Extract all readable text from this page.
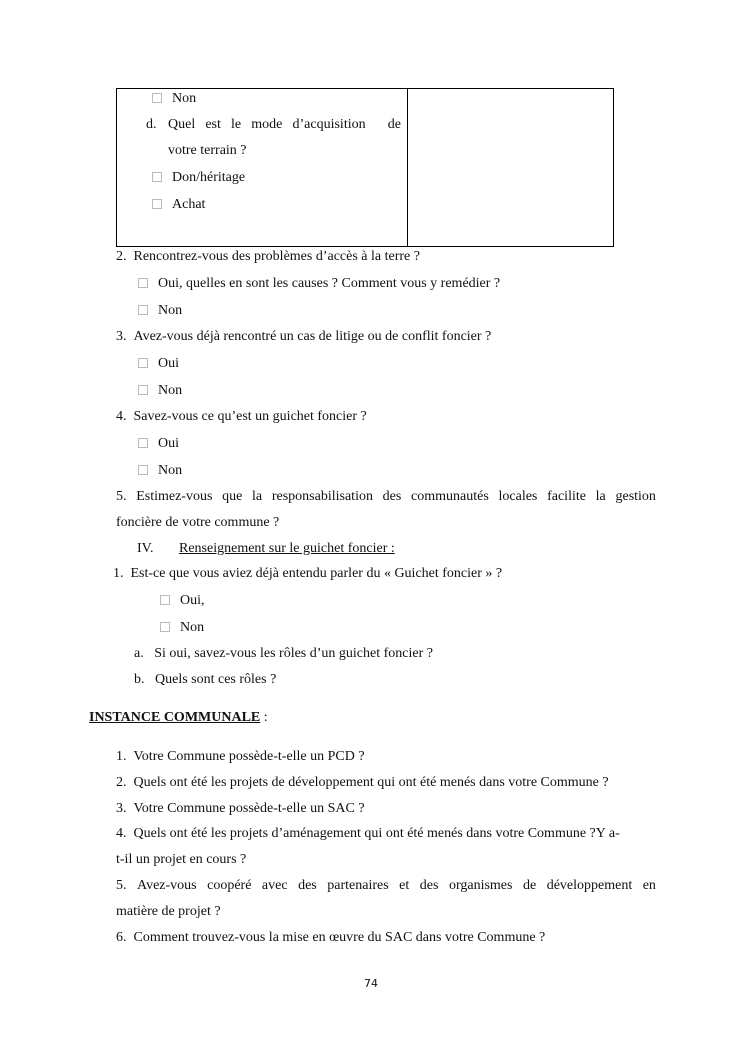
Non
d. Quel est le mode d’acquisition de
votre terrain ?
Don/héritage
Achat
2. Rencontrez-vous des problèmes d’accès à la terre ?
Oui, quelles en sont les causes ? Comment vous y remédier ?
Non
3. Avez-vous déjà rencontré un cas de litige ou de conflit foncier ?
Oui
Non
4. Savez-vous ce qu’est un guichet foncier ?
Oui
Non
5. Estimez-vous que la responsabilisation des communautés locales facilite la gestion
foncière de votre commune ?
IV. Renseignement sur le guichet foncier :
1. Est-ce que vous aviez déjà entendu parler du « Guichet foncier » ?
Oui,
Non
a. Si oui, savez-vous les rôles d’un guichet foncier ?
b. Quels sont ces rôles ?
INSTANCE COMMUNALE :
1. Votre Commune possède-t-elle un PCD ?
2. Quels ont été les projets de développement qui ont été menés dans votre Commune ?
3. Votre Commune possède-t-elle un SAC ?
4. Quels ont été les projets d’aménagement qui ont été menés dans votre Commune ?Y a-
t-il un projet en cours ?
5. Avez-vous coopéré avec des partenaires et des organismes de développement en
matière de projet ?
6. Comment trouvez-vous la mise en œuvre du SAC dans votre Commune ?
74
